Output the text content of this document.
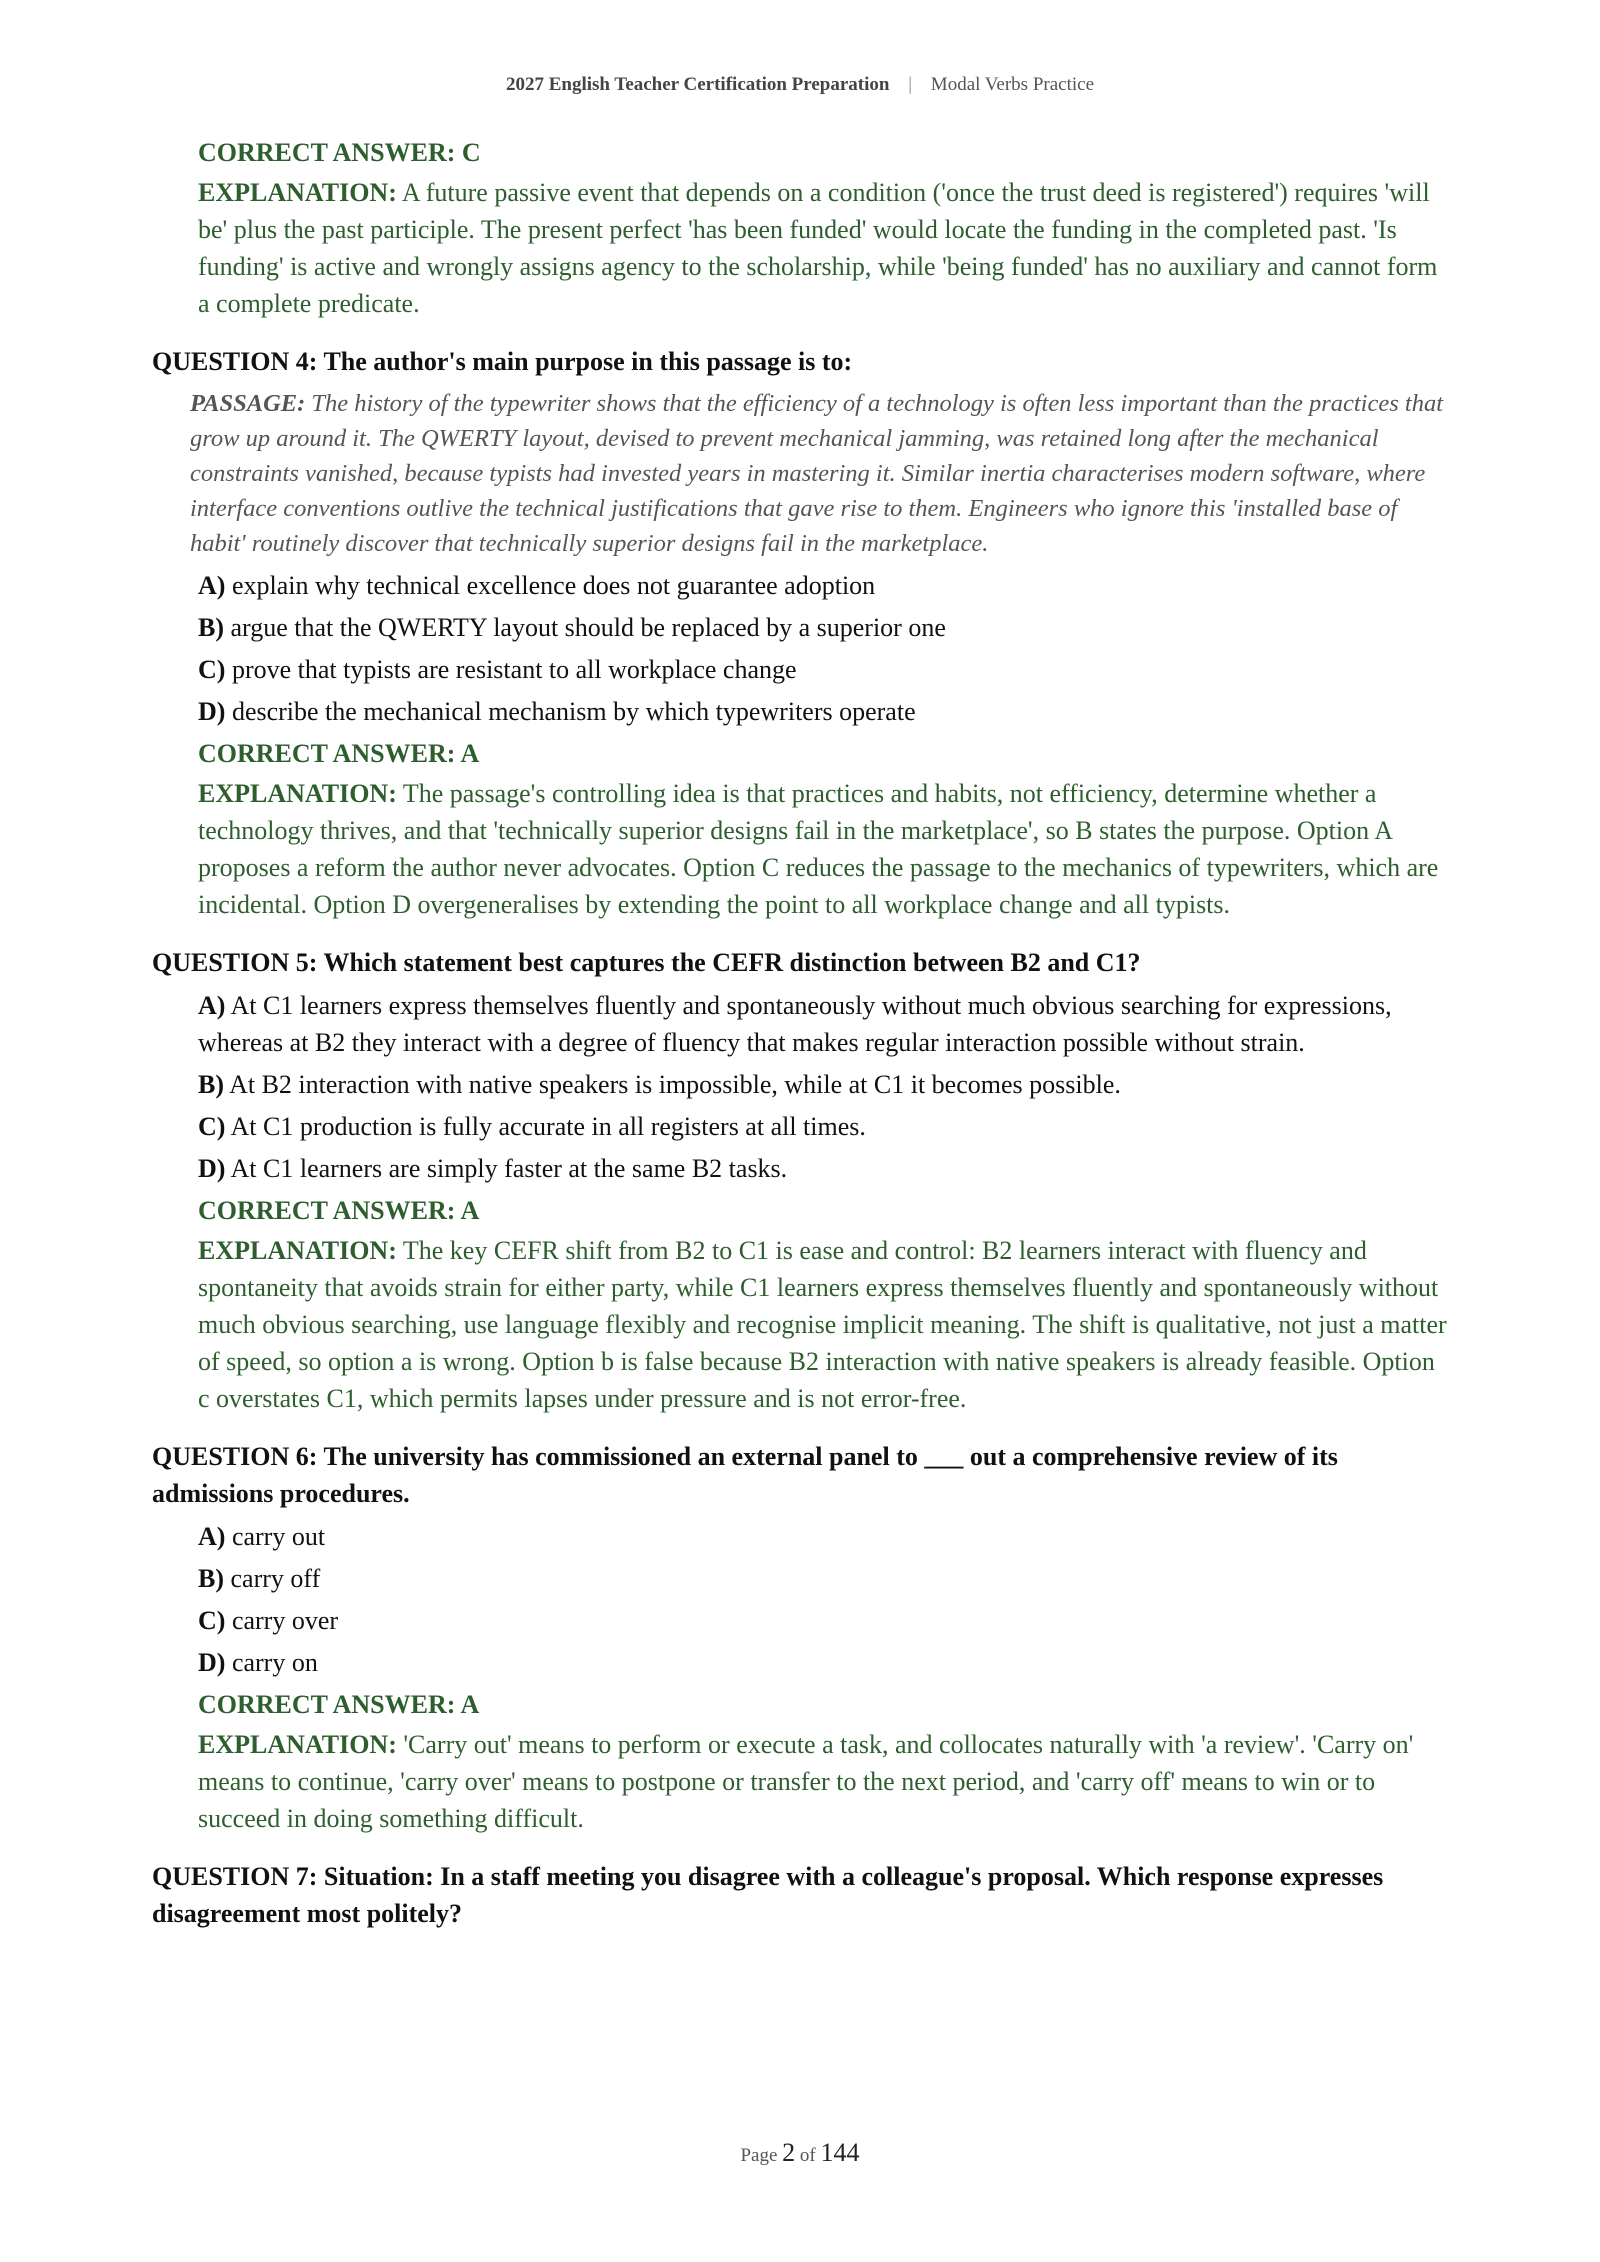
2027 English Teacher Certification Preparation | Modal Verbs Practice

CORRECT ANSWER: C

EXPLANATION: A future passive event that depends on a condition ('once the trust deed is registered') requires 'will be' plus the past participle. The present perfect 'has been funded' would locate the funding in the completed past. 'Is funding' is active and wrongly assigns agency to the scholarship, while 'being funded' has no auxiliary and cannot form a complete predicate.

QUESTION 4: The author's main purpose in this passage is to:

PASSAGE: The history of the typewriter shows that the efficiency of a technology is often less important than the practices that grow up around it. The QWERTY layout, devised to prevent mechanical jamming, was retained long after the mechanical constraints vanished, because typists had invested years in mastering it. Similar inertia characterises modern software, where interface conventions outlive the technical justifications that gave rise to them. Engineers who ignore this 'installed base of habit' routinely discover that technically superior designs fail in the marketplace.

A) explain why technical excellence does not guarantee adoption

B) argue that the QWERTY layout should be replaced by a superior one

C) prove that typists are resistant to all workplace change

D) describe the mechanical mechanism by which typewriters operate

CORRECT ANSWER: A

EXPLANATION: The passage's controlling idea is that practices and habits, not efficiency, determine whether a technology thrives, and that 'technically superior designs fail in the marketplace', so B states the purpose. Option A proposes a reform the author never advocates. Option C reduces the passage to the mechanics of typewriters, which are incidental. Option D overgeneralises by extending the point to all workplace change and all typists.

QUESTION 5: Which statement best captures the CEFR distinction between B2 and C1?

A) At C1 learners express themselves fluently and spontaneously without much obvious searching for expressions, whereas at B2 they interact with a degree of fluency that makes regular interaction possible without strain.

B) At B2 interaction with native speakers is impossible, while at C1 it becomes possible.

C) At C1 production is fully accurate in all registers at all times.

D) At C1 learners are simply faster at the same B2 tasks.

CORRECT ANSWER: A

EXPLANATION: The key CEFR shift from B2 to C1 is ease and control: B2 learners interact with fluency and spontaneity that avoids strain for either party, while C1 learners express themselves fluently and spontaneously without much obvious searching, use language flexibly and recognise implicit meaning. The shift is qualitative, not just a matter of speed, so option a is wrong. Option b is false because B2 interaction with native speakers is already feasible. Option c overstates C1, which permits lapses under pressure and is not error-free.

QUESTION 6: The university has commissioned an external panel to ___ out a comprehensive review of its admissions procedures.

A) carry out

B) carry off

C) carry over

D) carry on

CORRECT ANSWER: A

EXPLANATION: 'Carry out' means to perform or execute a task, and collocates naturally with 'a review'. 'Carry on' means to continue, 'carry over' means to postpone or transfer to the next period, and 'carry off' means to win or to succeed in doing something difficult.

QUESTION 7: Situation: In a staff meeting you disagree with a colleague's proposal. Which response expresses disagreement most politely?

Page 2 of 144
